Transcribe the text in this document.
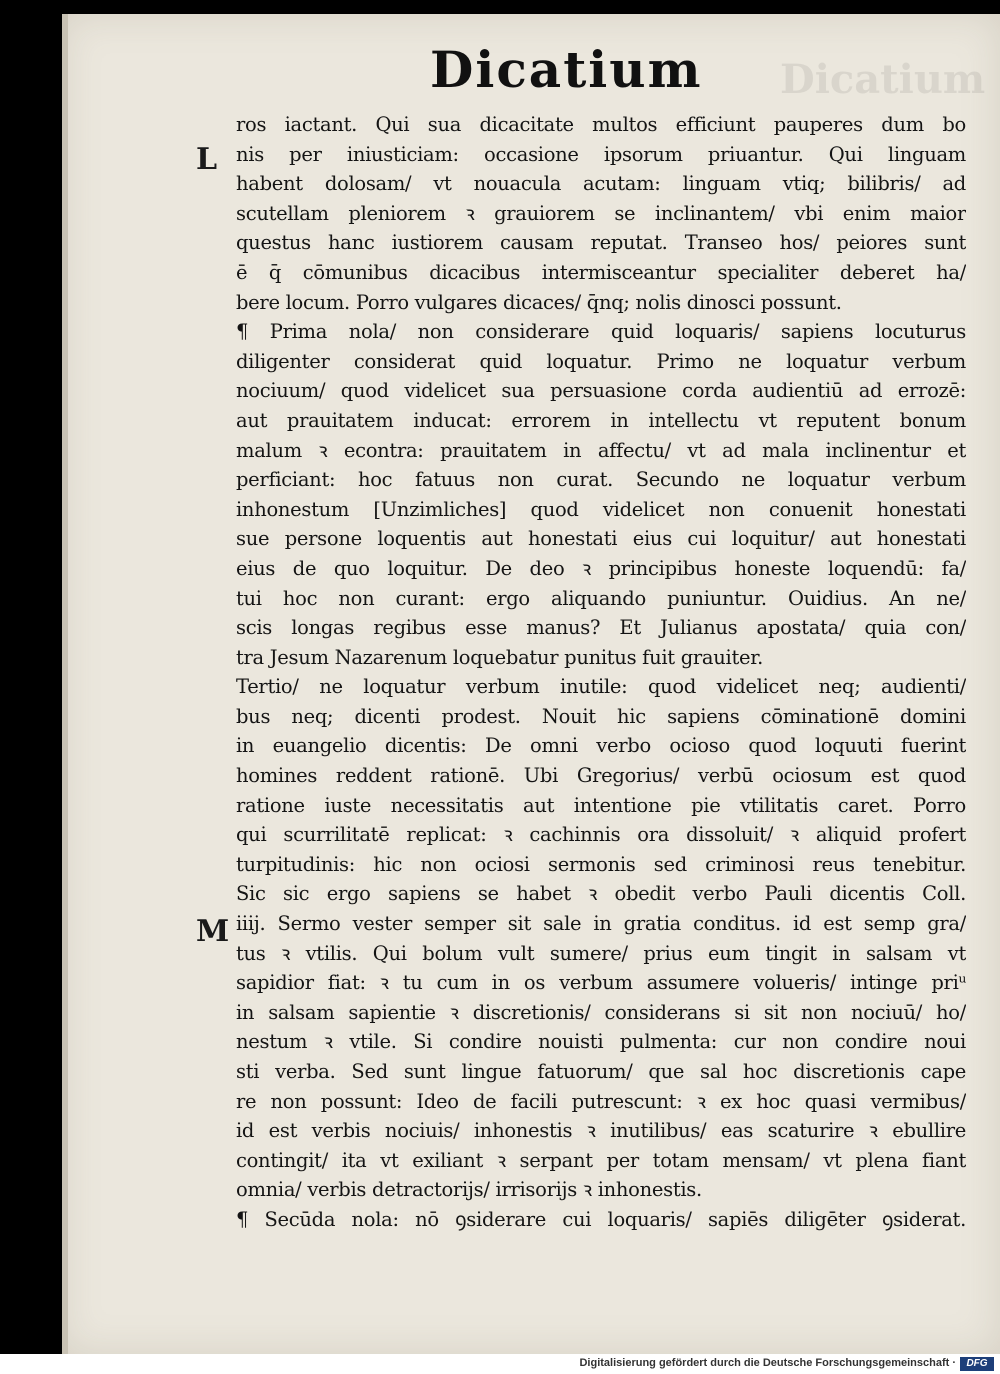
Dicatium Dicatium
L
M
ros iactant. Qui sua dicacitate multos efficiunt pauperes dum bo
nis per iniusticiam: occasione ipsorum priuantur. Qui linguam
habent dolosam/ vt nouacula acutam: linguam vtiq; bilibris/ ad
scutellam pleniorem ꝛ grauiorem se inclinantem/ vbi enim maior
questus hanc iustiorem causam reputat. Transeo hos/ peiores sunt
ē q̄ cōmunibus dicacibus intermisceantur specialiter deberet ha/
bere locum. Porro vulgares dicaces/ q̄nq; nolis dinosci possunt.
¶ Prima nola/ non considerare quid loquaris/ sapiens locuturus
diligenter considerat quid loquatur. Primo ne loquatur verbum
nociuum/ quod videlicet sua persuasione corda audientiū ad errozē:
aut prauitatem inducat: errorem in intellectu vt reputent bonum
malum ꝛ econtra: prauitatem in affectu/ vt ad mala inclinentur et
perficiant: hoc fatuus non curat. Secundo ne loquatur verbum
inhonestum [Unzimliches] quod videlicet non conuenit honestati
sue persone loquentis aut honestati eius cui loquitur/ aut honestati
eius de quo loquitur. De deo ꝛ principibus honeste loquendū: fa/
tui hoc non curant: ergo aliquando puniuntur. Ouidius. An ne/
scis longas regibus esse manus? Et Julianus apostata/ quia con/
tra Jesum Nazarenum loquebatur punitus fuit grauiter.
Tertio/ ne loquatur verbum inutile: quod videlicet neq; audienti/
bus neq; dicenti prodest. Nouit hic sapiens cōminationē domini
in euangelio dicentis: De omni verbo ocioso quod loquuti fuerint
homines reddent rationē. Ubi Gregorius/ verbū ociosum est quod
ratione iuste necessitatis aut intentione pie vtilitatis caret. Porro
qui scurrilitatē replicat: ꝛ cachinnis ora dissoluit/ ꝛ aliquid profert
turpitudinis: hic non ociosi sermonis sed criminosi reus tenebitur.
Sic sic ergo sapiens se habet ꝛ obedit verbo Pauli dicentis Coll.
iiij. Sermo vester semper sit sale in gratia conditus. id est semp gra/
tus ꝛ vtilis. Qui bolum vult sumere/ prius eum tingit in salsam vt
sapidior fiat: ꝛ tu cum in os verbum assumere volueris/ intinge priᵘ
in salsam sapientie ꝛ discretionis/ considerans si sit non nociuū/ ho/
nestum ꝛ vtile. Si condire nouisti pulmenta: cur non condire noui
sti verba. Sed sunt lingue fatuorum/ que sal hoc discretionis cape
re non possunt: Ideo de facili putrescunt: ꝛ ex hoc quasi vermibus/
id est verbis nociuis/ inhonestis ꝛ inutilibus/ eas scaturire ꝛ ebullire
contingit/ ita vt exiliant ꝛ serpant per totam mensam/ vt plena fiant
omnia/ verbis detractorijs/ irrisorijs ꝛ inhonestis.
¶ Secūda nola: nō ꝯsiderare cui loquaris/ sapiēs diligēter ꝯsiderat.
Digitalisierung gefördert durch die Deutsche Forschungsgemeinschaft ·	DFG
